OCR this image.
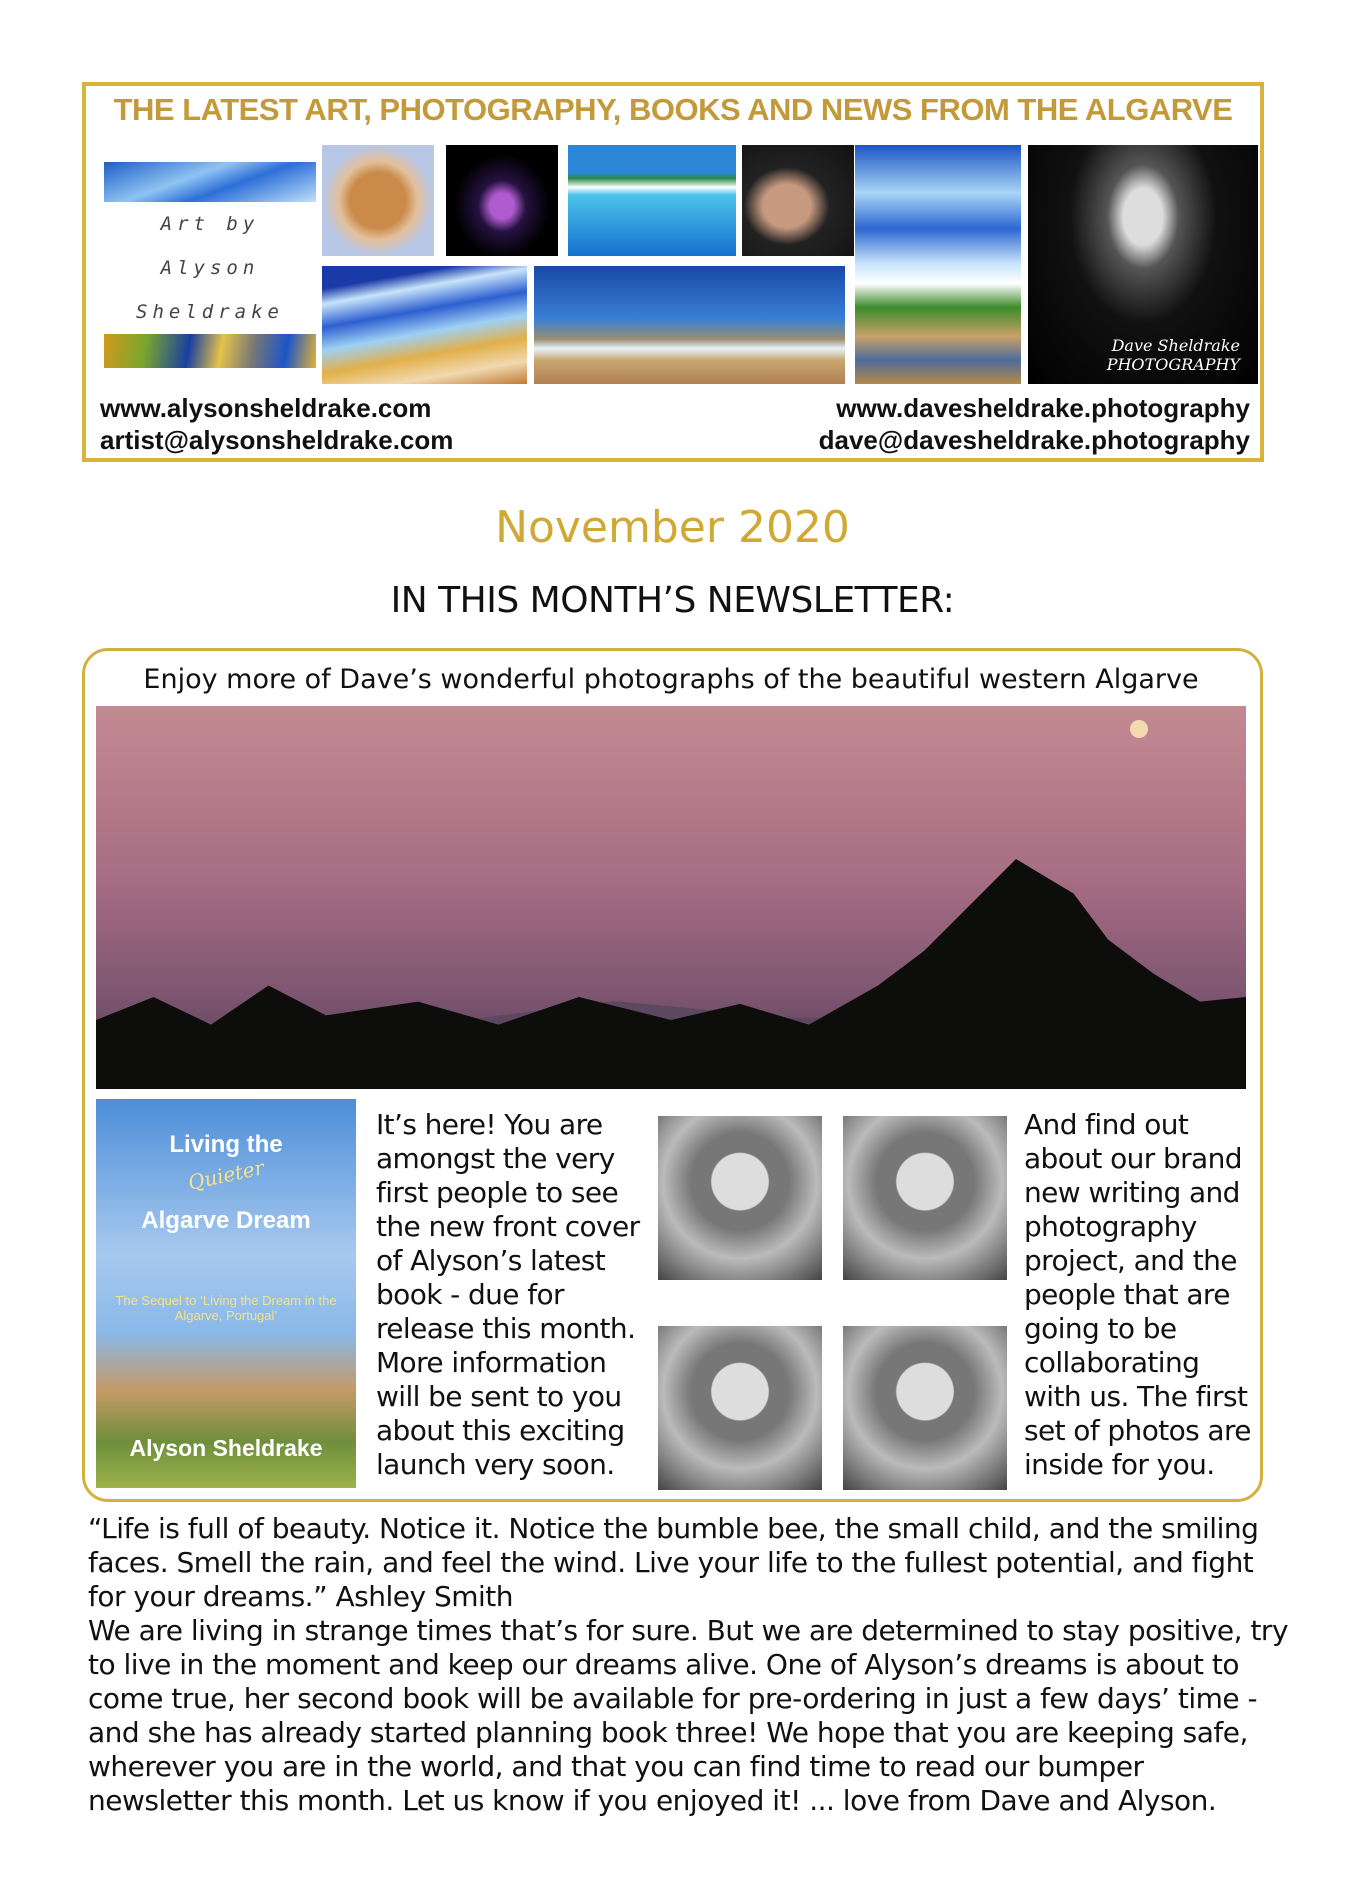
THE LATEST ART, PHOTOGRAPHY, BOOKS AND NEWS FROM THE ALGARVE
Art by Alyson Sheldrake
Dave Sheldrake PHOTOGRAPHY
www.alysonsheldrake.com
artist@alysonsheldrake.com
www.davesheldrake.photography
dave@davesheldrake.photography
November 2020
IN THIS MONTH’S NEWSLETTER:
Enjoy more of Dave’s wonderful photographs of the beautiful western Algarve
Living the
Quieter
Algarve Dream
The Sequel to ‘Living the Dream in the Algarve, Portugal’
Alyson Sheldrake
It’s here! You are amongst the very first people to see the new front cover of Alyson’s latest book - due for release this month. More information will be sent to you about this exciting launch very soon.
And find out about our brand new writing and photography project, and the people that are going to be collaborating with us. The first set of photos are inside for you.

“Life is full of beauty. Notice it. Notice the bumble bee, the small child, and the smiling faces. Smell the rain, and feel the wind. Live your life to the fullest potential, and fight for your dreams.” Ashley Smith

We are living in strange times that’s for sure. But we are determined to stay positive, try to live in the moment and keep our dreams alive. One of Alyson’s dreams is about to come true, her second book will be available for pre-ordering in just a few days’ time - and she has already started planning book three! We hope that you are keeping safe, wherever you are in the world, and that you can find time to read our bumper newsletter this month. Let us know if you enjoyed it! ... love from Dave and Alyson.
